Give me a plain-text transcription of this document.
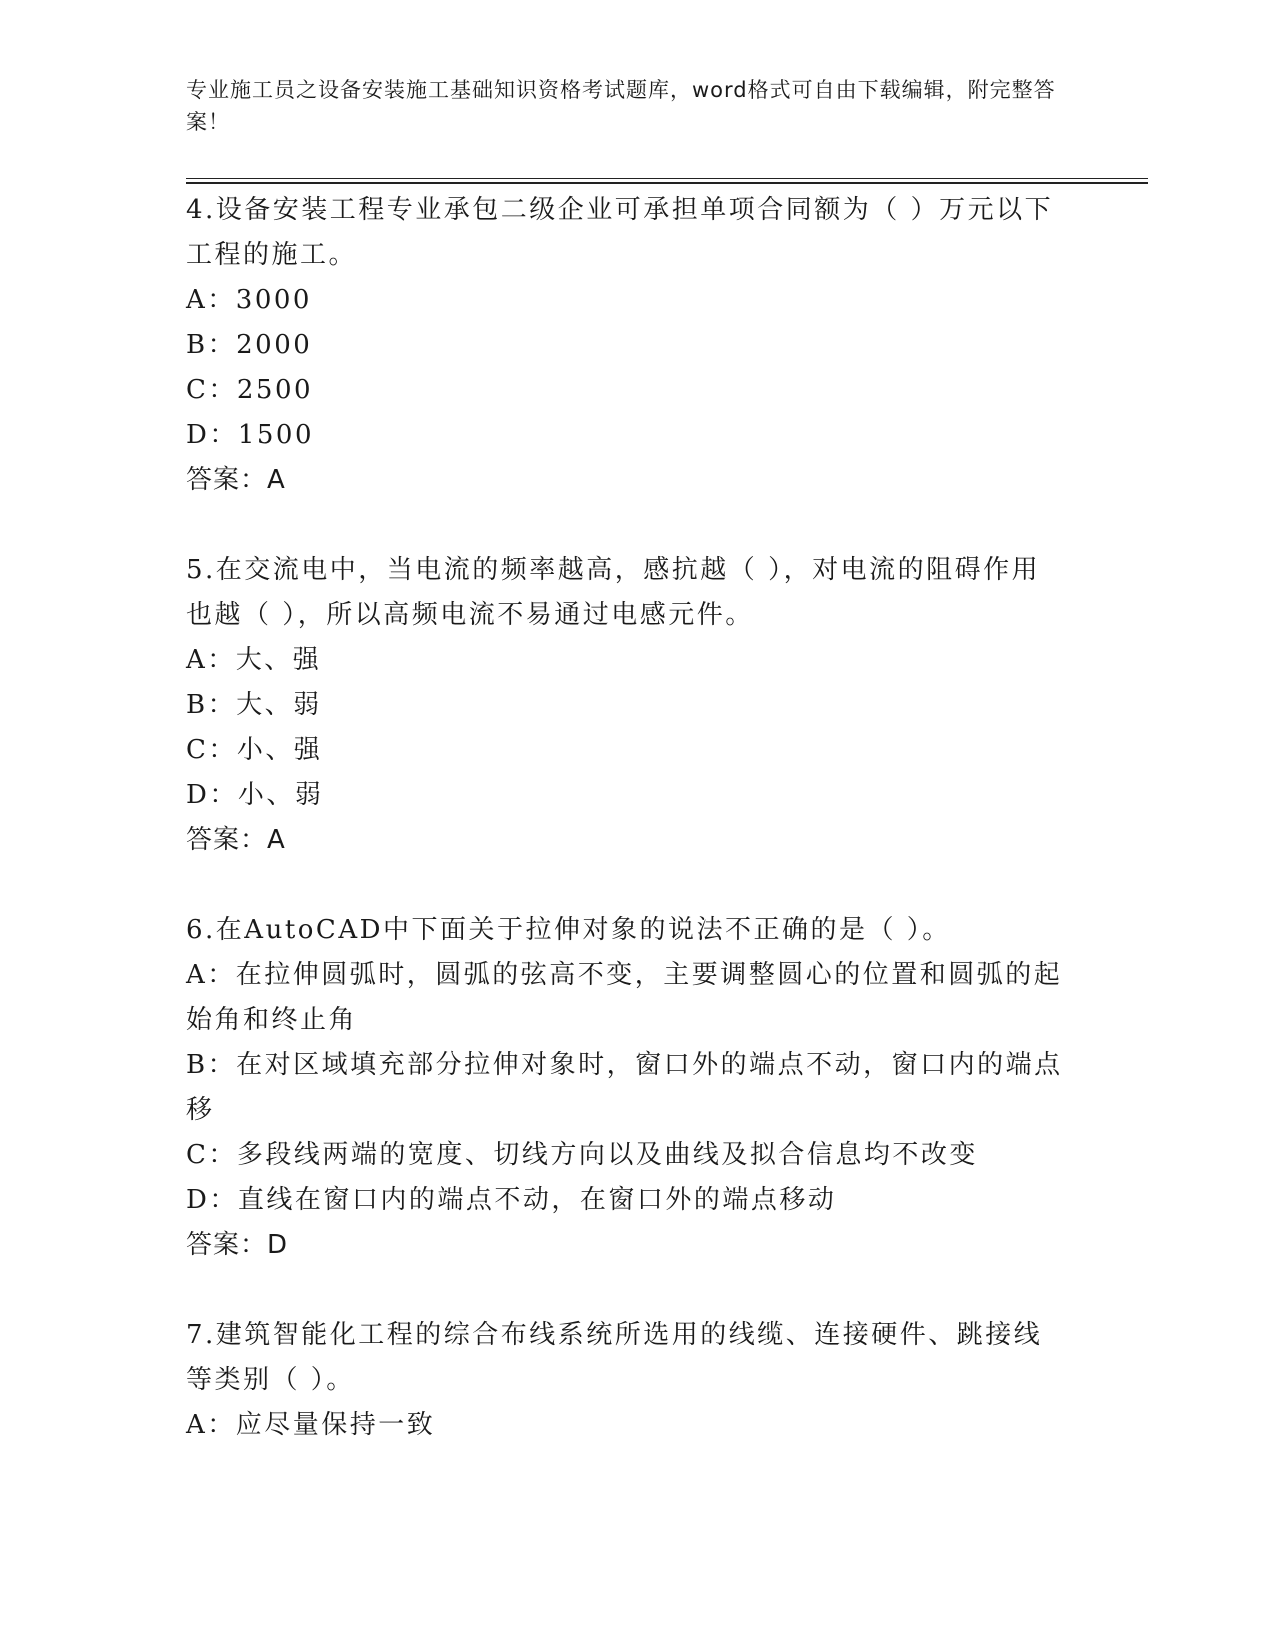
专业施工员之设备安装施工基础知识资格考试题库，word格式可自由下载编辑，附完整答案！

4.设备安装工程专业承包二级企业可承担单项合同额为（ ）万元以下工程的施工。

A：3000

B：2000

C：2500

D：1500

答案：A

5.在交流电中，当电流的频率越高，感抗越（ ），对电流的阻碍作用也越（ ），所以高频电流不易通过电感元件。

A：大、强

B：大、弱

C：小、强

D：小、弱

答案：A

6.在AutoCAD中下面关于拉伸对象的说法不正确的是（ ）。

A：在拉伸圆弧时，圆弧的弦高不变，主要调整圆心的位置和圆弧的起始角和终止角

B：在对区域填充部分拉伸对象时，窗口外的端点不动，窗口内的端点移

C：多段线两端的宽度、切线方向以及曲线及拟合信息均不改变

D：直线在窗口内的端点不动，在窗口外的端点移动

答案：D

7.建筑智能化工程的综合布线系统所选用的线缆、连接硬件、跳接线等类别（ ）。

A：应尽量保持一致
